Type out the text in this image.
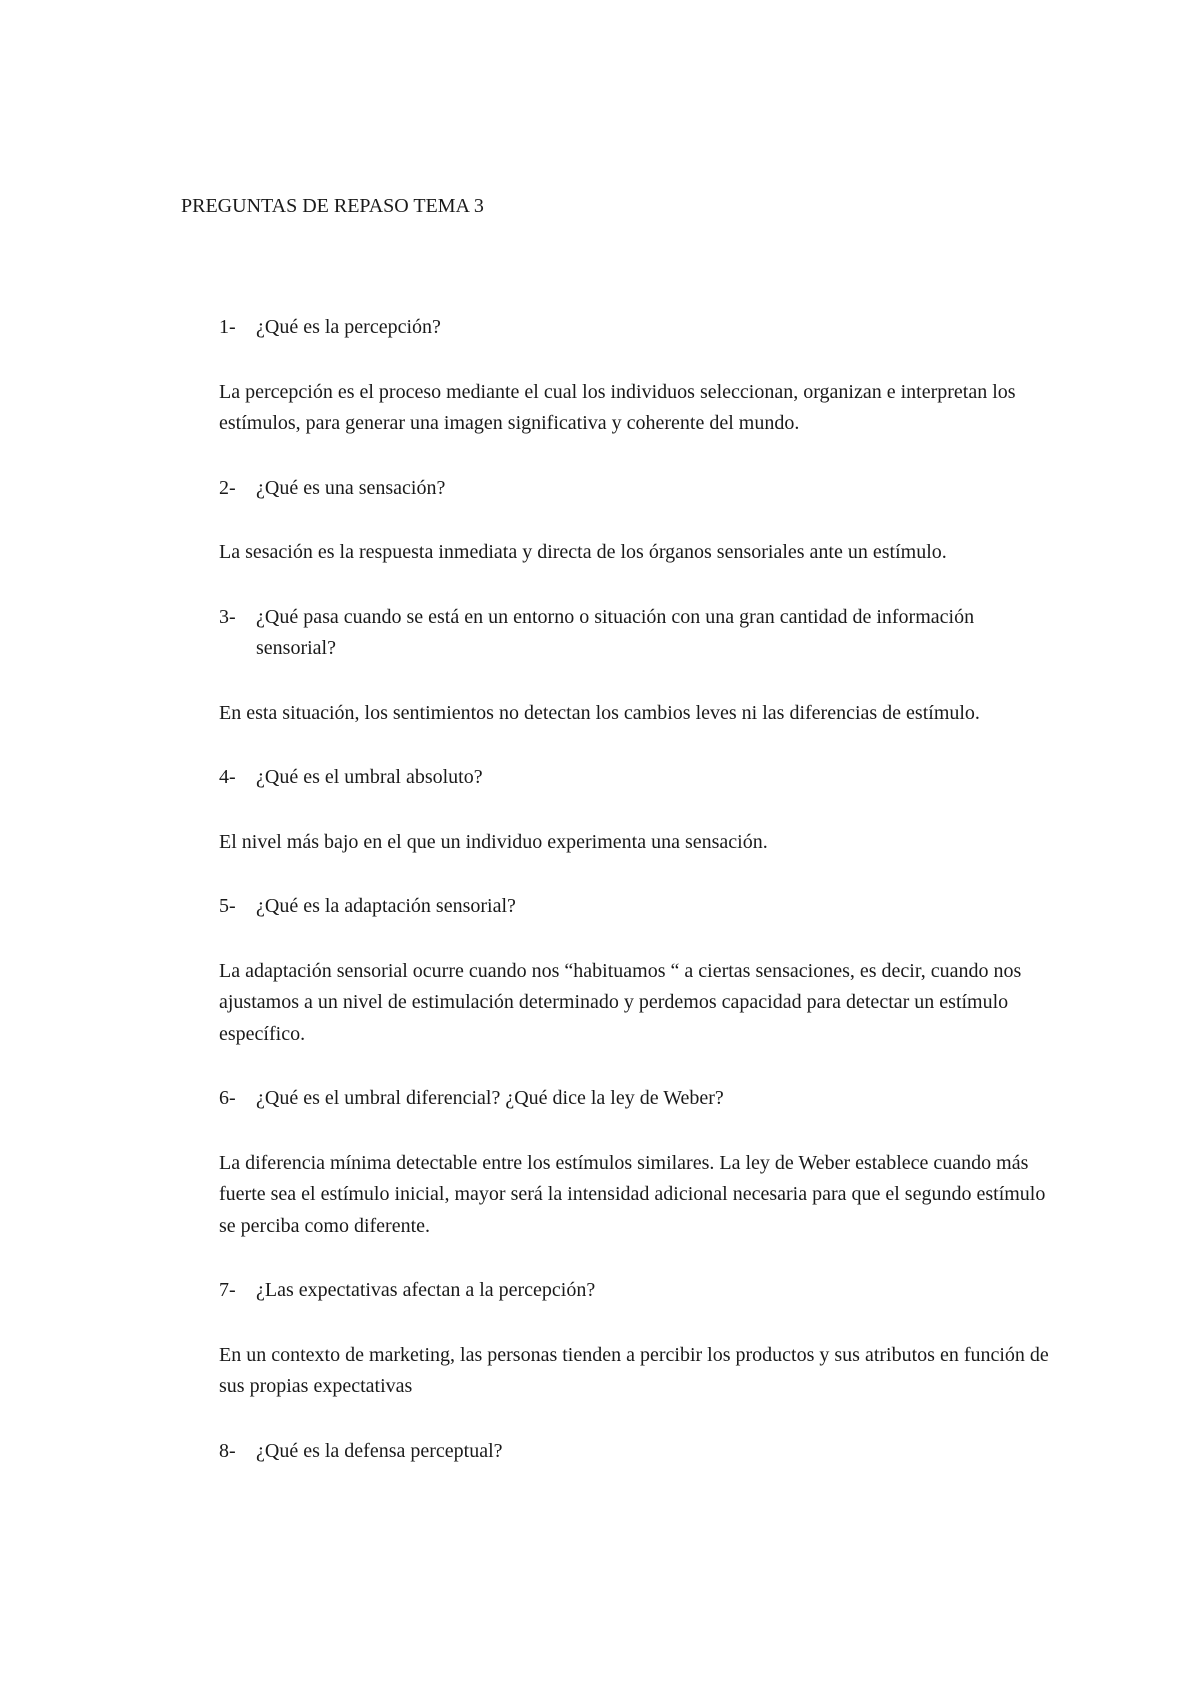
PREGUNTAS DE REPASO TEMA 3

1- ¿Qué es la percepción?

La percepción es el proceso mediante el cual los individuos seleccionan, organizan e interpretan los estímulos, para generar una imagen significativa y coherente del mundo.

2- ¿Qué es una sensación?

La sesación es la respuesta inmediata y directa de los órganos sensoriales ante un estímulo.

3- ¿Qué pasa cuando se está en un entorno o situación con una gran cantidad de información sensorial?

En esta situación, los sentimientos no detectan los cambios leves ni las diferencias de estímulo.

4- ¿Qué es el umbral absoluto?

El nivel más bajo en el que un individuo experimenta una sensación.

5- ¿Qué es la adaptación sensorial?

La adaptación sensorial ocurre cuando nos “habituamos “ a ciertas sensaciones, es decir, cuando nos ajustamos a un nivel de estimulación determinado y perdemos capacidad para detectar un estímulo específico.

6- ¿Qué es el umbral diferencial? ¿Qué dice la ley de Weber?

La diferencia mínima detectable entre los estímulos similares. La ley de Weber establece cuando más fuerte sea el estímulo inicial, mayor será la intensidad adicional necesaria para que el segundo estímulo se perciba como diferente.

7- ¿Las expectativas afectan a la percepción?

En un contexto de marketing, las personas tienden a percibir los productos y sus atributos en función de sus propias expectativas

8- ¿Qué es la defensa perceptual?
